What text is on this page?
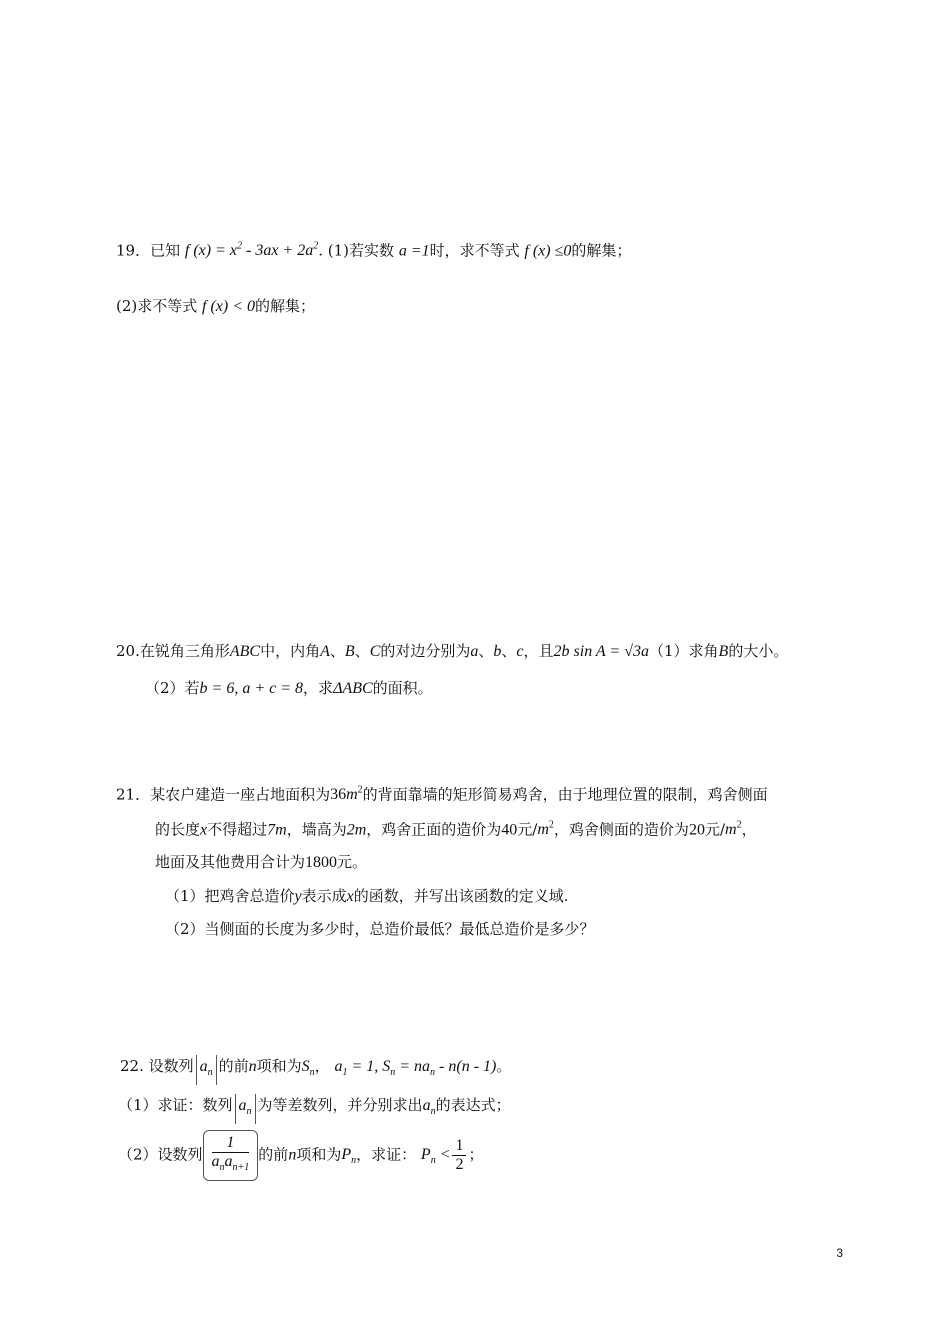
19．已知 f $(x) = x^2 - 3ax + 2a^2$. (1)若实数 a =1时，求不等式 f (x) ≤0的解集；
(2)求不等式 f (x) < 0的解集；
20.在锐角三角形ABC中，内角A、B、C的对边分别为a、b、c，且2b sin A = √3a（1）求角B的大小。
（2）若b = 6, a + c = 8，求ΔABC的面积。
21．某农户建造一座占地面积为$36m^2$的背面靠墙的矩形简易鸡舍，由于地理位置的限制，鸡舍侧面
的长度x不得超过7m，墙高为2m，鸡舍正面的造价为40元$/m^2$，鸡舍侧面的造价为20元$/m^2$，
地面及其他费用合计为1800元。
（1）把鸡舍总造价y表示成x的函数，并写出该函数的定义域.
（2）当侧面的长度为多少时，总造价最低？最低总造价是多少？
22. 设数列 $a_n$ 的前n项和为$S_n$， $a_1 = 1$, $S_n = na_n - n(n - 1)$。
（1）求证：数列 $a_n$ 为等差数列，并分别求出$a_n$的表达式；
（2）设数列 $\frac{1}{a_na_{n+1}}$ 的前n项和为$P_n$，求证： $P_n < \frac{1}{2}$ ；
3
